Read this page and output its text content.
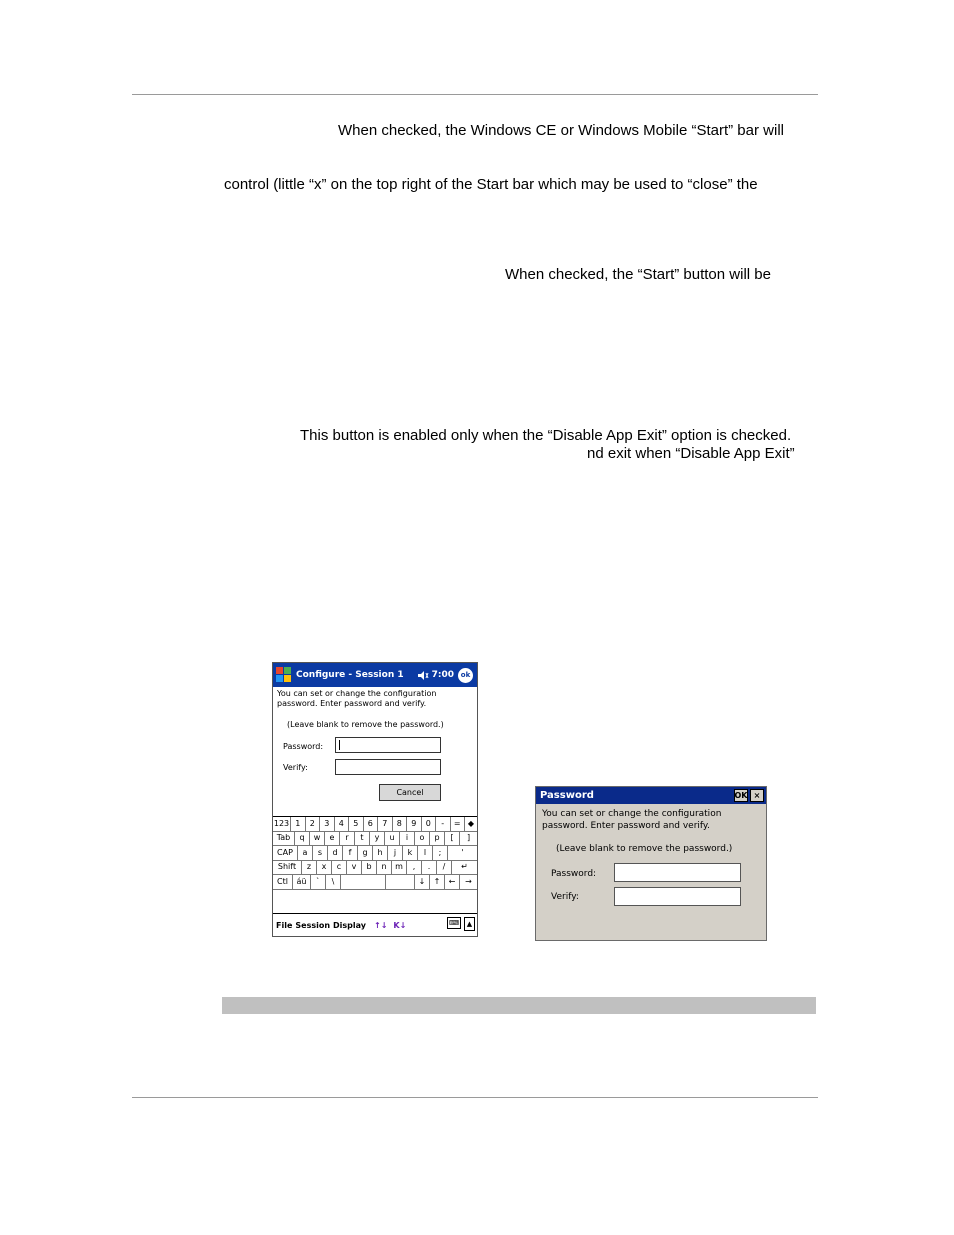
When checked, the Windows CE or Windows Mobile “Start” bar will
control (little “x” on the top right of the Start bar which may be used to “close” the
When checked, the “Start” button will be
This button is enabled only when the “Disable App Exit” option is checked.
nd exit when “Disable App Exit”
Configure - Session 1	7:00 ok
You can set or change the configuration
password. Enter password and verify.
(Leave blank to remove the password.)
Password:
Verify:
Cancel
123 1	2	3	4	5	6	7	8	9	0	-	= ◆
Tab	q	w	e	r	t	y	u	i	o	p	[	]
CAP	a	s	d	f	g	h	j	k	l	;	'
Shift	z	x	c	v	b	n	m	,	.	/	↵
Ctl	áü	`	\	↓	↑	←	→
File Session Display ↑↓ K↓	⌨	▲
Password	OK ×
You can set or change the configuration
password. Enter password and verify.
(Leave blank to remove the password.)
Password:
Verify:
